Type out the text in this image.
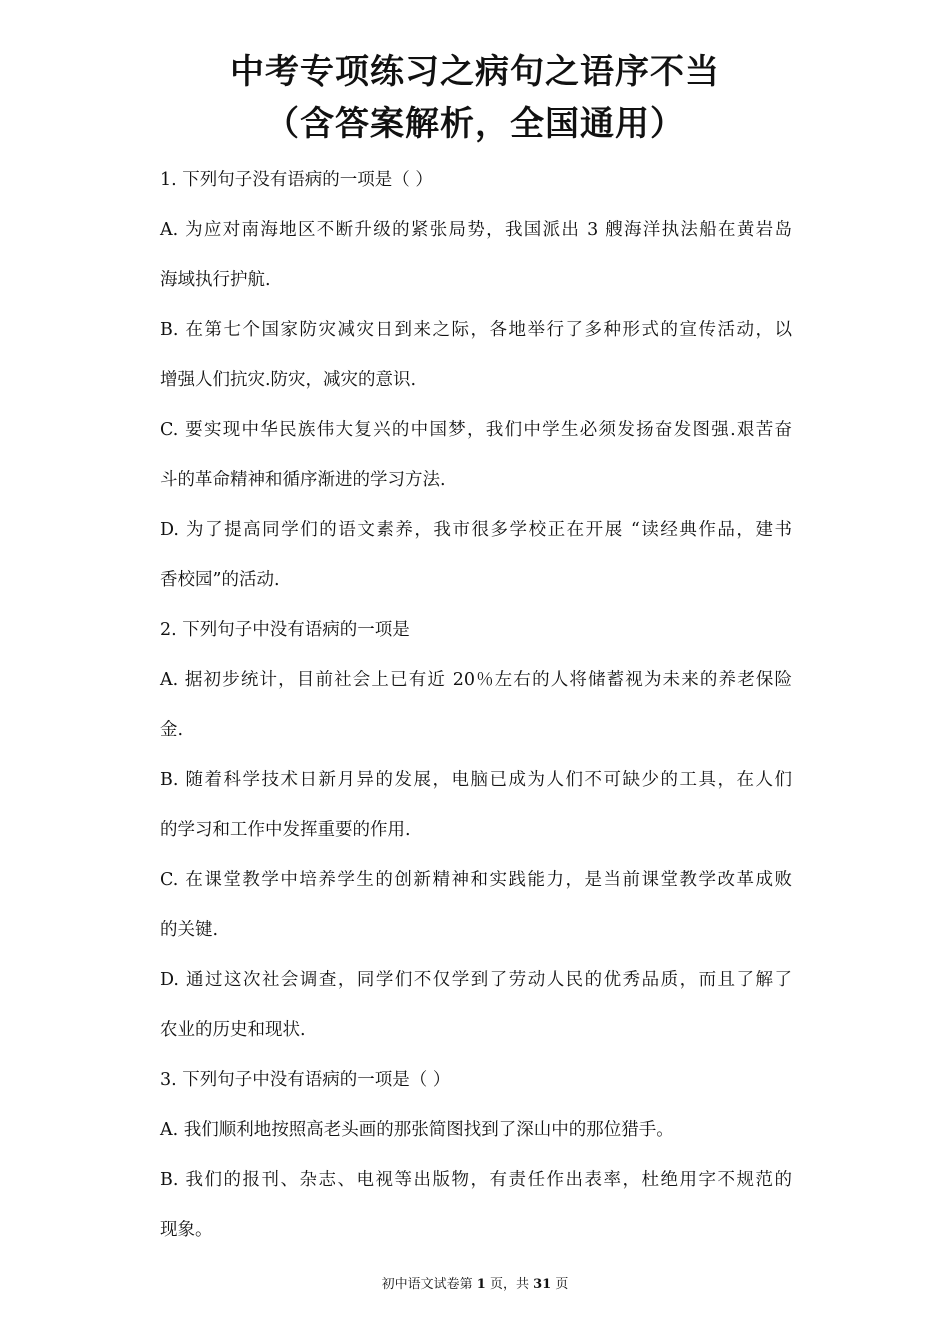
中考专项练习之病句之语序不当
（含答案解析，全国通用）
1. 下列句子没有语病的一项是（ ）
A. 为应对南海地区不断升级的紧张局势，我国派出 3 艘海洋执法船在黄岩岛
海域执行护航.
B. 在第七个国家防灾减灾日到来之际，各地举行了多种形式的宣传活动，以
增强人们抗灾.防灾，减灾的意识.
C. 要实现中华民族伟大复兴的中国梦，我们中学生必须发扬奋发图强.艰苦奋
斗的革命精神和循序渐进的学习方法.
D. 为了提高同学们的语文素养，我市很多学校正在开展 “读经典作品，建书
香校园”的活动.
2. 下列句子中没有语病的一项是
A. 据初步统计，目前社会上已有近 20％左右的人将储蓄视为未来的养老保险
金.
B. 随着科学技术日新月异的发展，电脑已成为人们不可缺少的工具，在人们
的学习和工作中发挥重要的作用.
C. 在课堂教学中培养学生的创新精神和实践能力，是当前课堂教学改革成败
的关键.
D. 通过这次社会调查，同学们不仅学到了劳动人民的优秀品质，而且了解了
农业的历史和现状.
3. 下列句子中没有语病的一项是（ ）
A. 我们顺利地按照高老头画的那张简图找到了深山中的那位猎手。
B. 我们的报刊、杂志、电视等出版物，有责任作出表率，杜绝用字不规范的
现象。
初中语文试卷第 1 页，共 31 页
